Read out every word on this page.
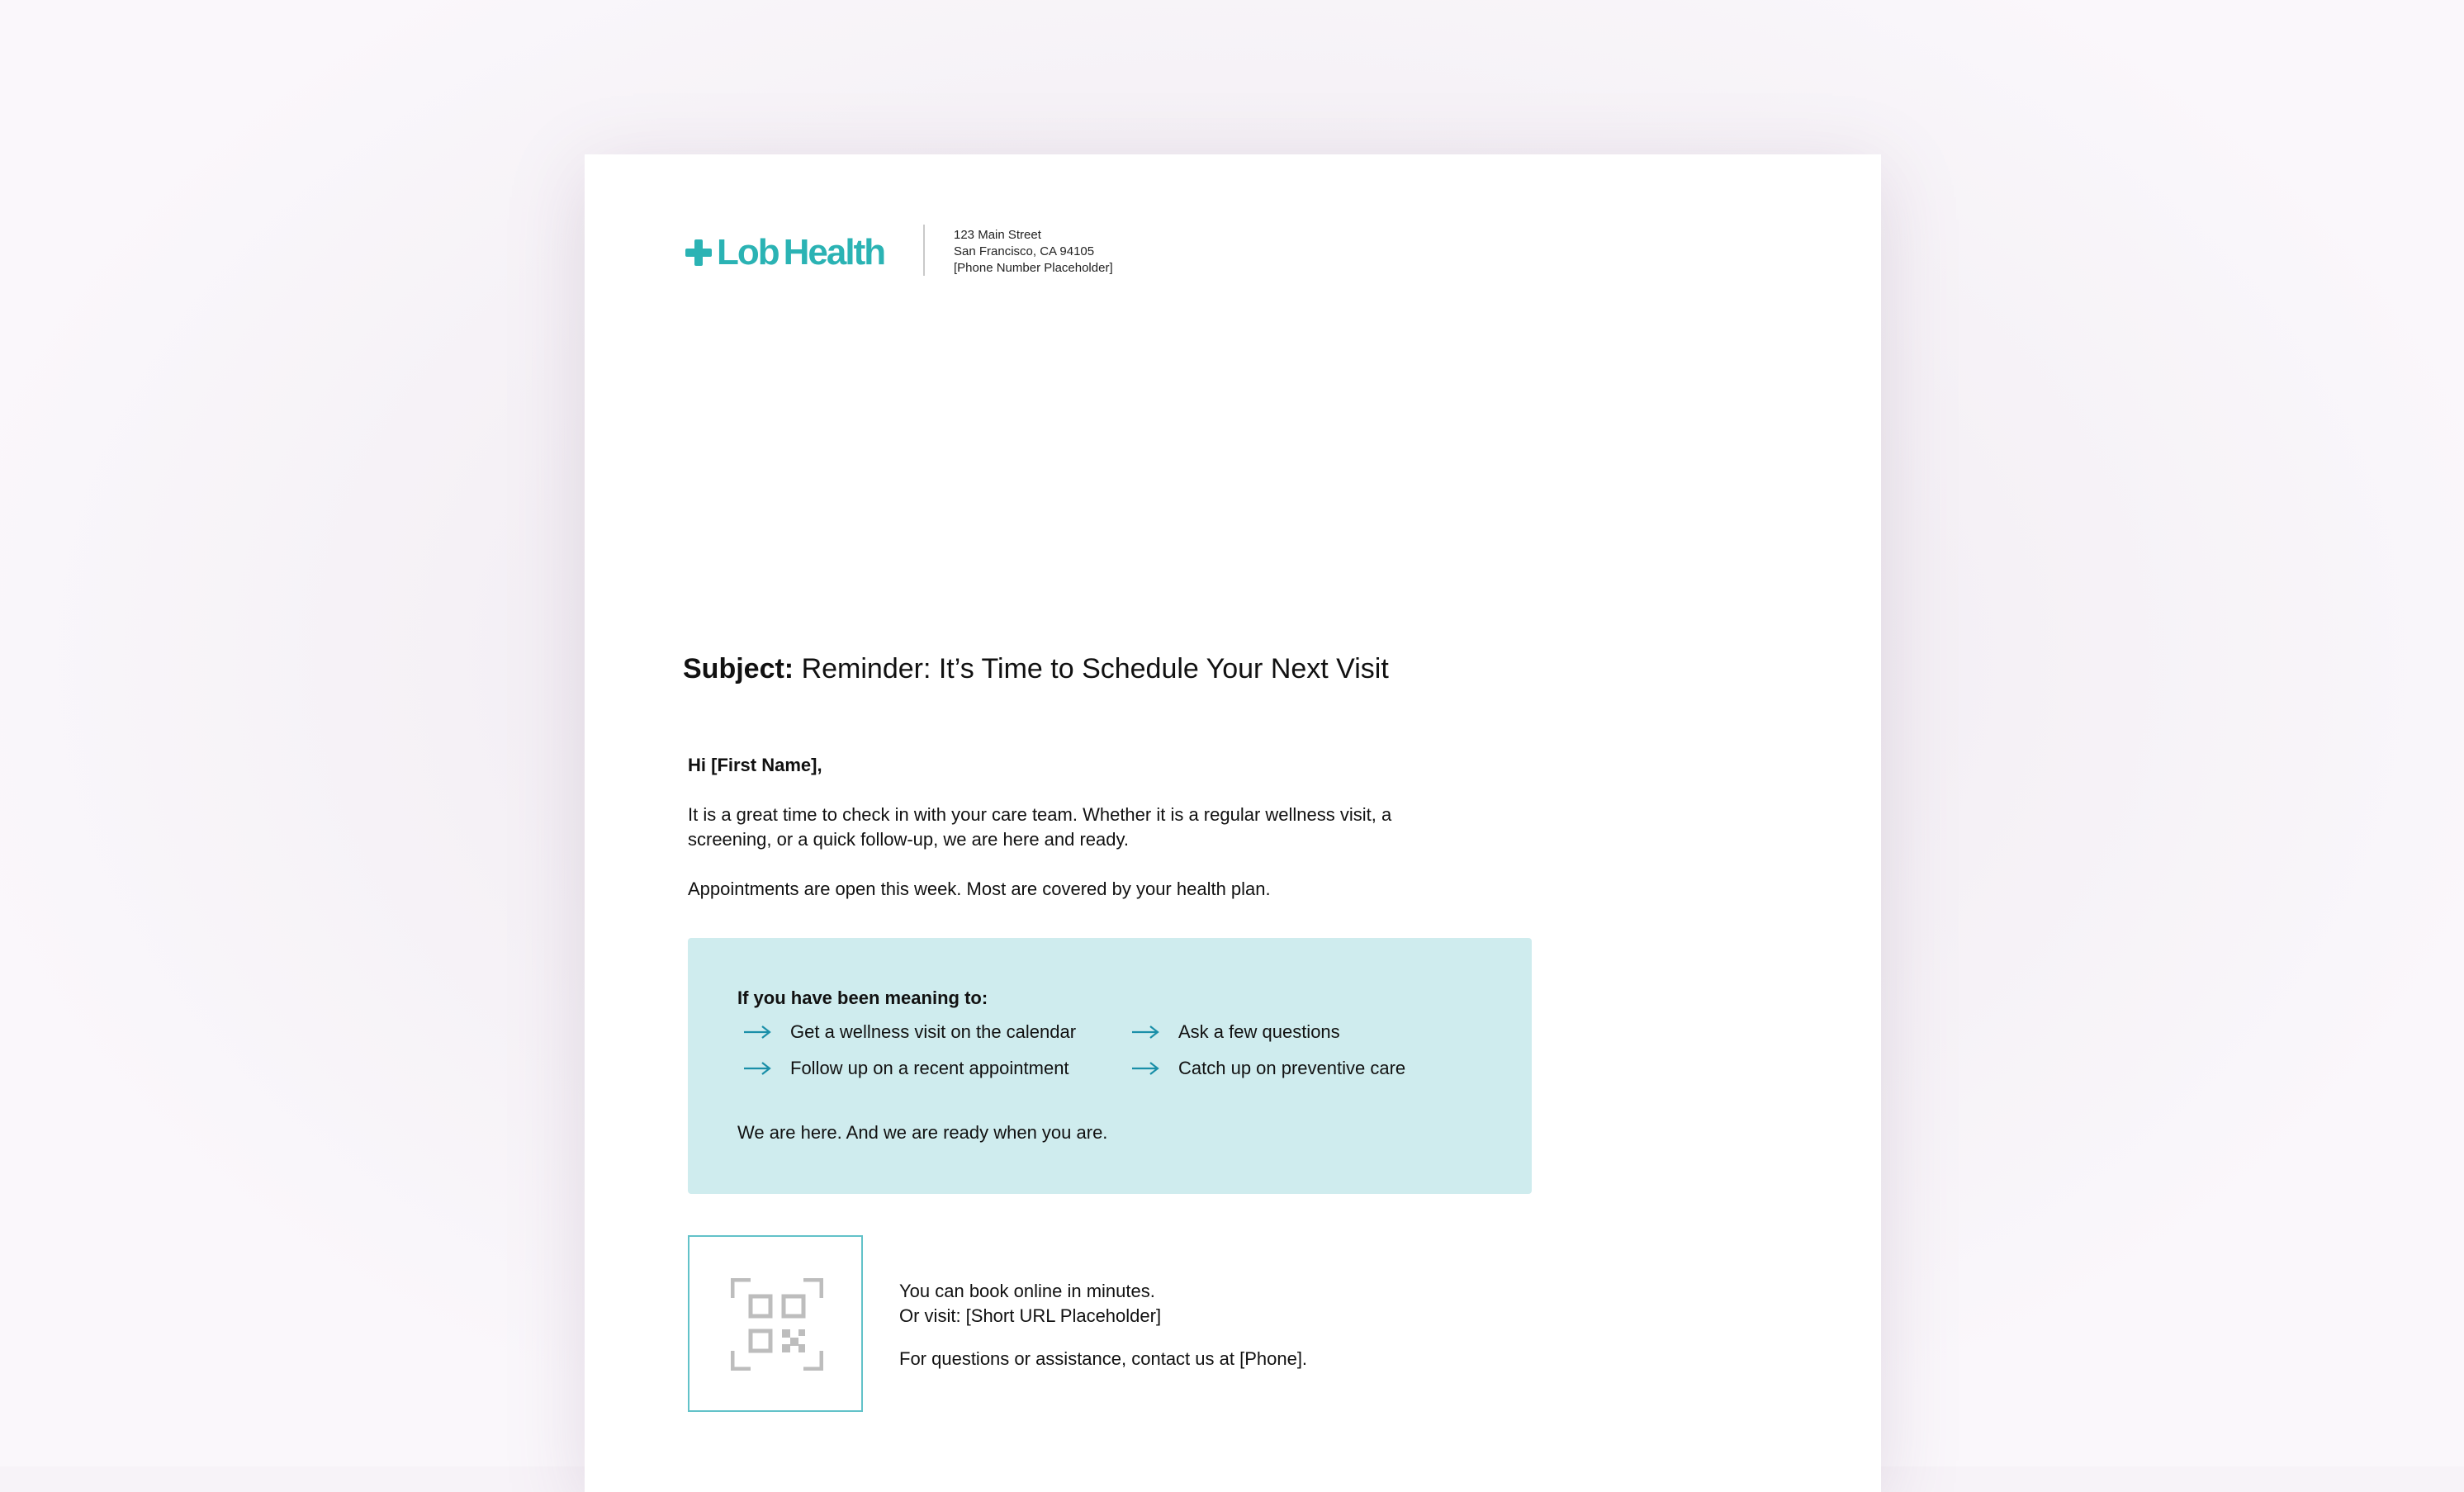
Lob Health	123 Main Street
San Francisco, CA 94105
[Phone Number Placeholder]
Subject: Reminder: It’s Time to Schedule Your Next Visit
Hi [First Name],
It is a great time to check in with your care team. Whether it is a regular wellness visit, a screening, or a quick follow-up, we are here and ready.
Appointments are open this week. Most are covered by your health plan.
If you have been meaning to:
Get a wellness visit on the calendar	Ask a few questions
Follow up on a recent appointment	Catch up on preventive care
We are here. And we are ready when you are.
You can book online in minutes.
Or visit: [Short URL Placeholder]
For questions or assistance, contact us at [Phone].
